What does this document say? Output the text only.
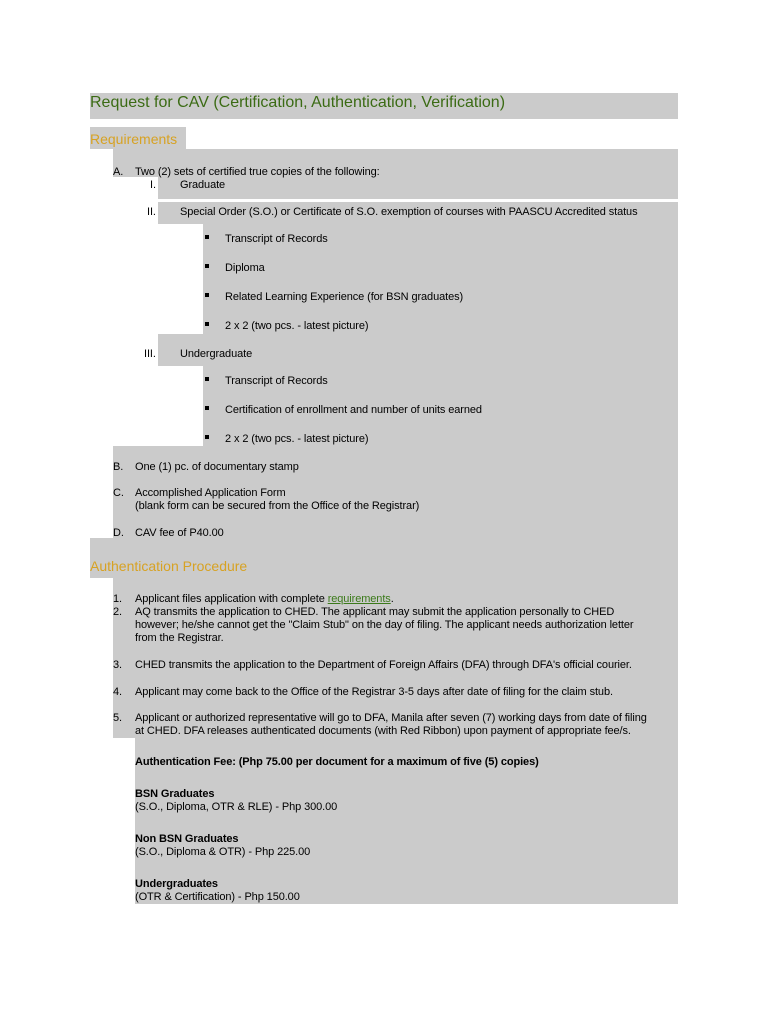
Request for CAV (Certification, Authentication, Verification)
Requirements
A. Two (2) sets of certified true copies of the following:
I. Graduate
II. Special Order (S.O.) or Certificate of S.O. exemption of courses with PAASCU Accredited status
Transcript of Records
Diploma
Related Learning Experience (for BSN graduates)
2 x 2 (two pcs. - latest picture)
III. Undergraduate
Transcript of Records
Certification of enrollment and number of units earned
2 x 2 (two pcs. - latest picture)
B. One (1) pc. of documentary stamp
C. Accomplished Application Form
(blank form can be secured from the Office of the Registrar)
D. CAV fee of P40.00
Authentication Procedure
1. Applicant files application with complete requirements.
2. AQ transmits the application to CHED. The applicant may submit the application personally to CHED
however; he/she cannot get the "Claim Stub" on the day of filing. The applicant needs authorization letter
from the Registrar.
3. CHED transmits the application to the Department of Foreign Affairs (DFA) through DFA's official courier.
4. Applicant may come back to the Office of the Registrar 3-5 days after date of filing for the claim stub.
5. Applicant or authorized representative will go to DFA, Manila after seven (7) working days from date of filing
at CHED. DFA releases authenticated documents (with Red Ribbon) upon payment of appropriate fee/s.
Authentication Fee: (Php 75.00 per document for a maximum of five (5) copies)
BSN Graduates
(S.O., Diploma, OTR & RLE) - Php 300.00
Non BSN Graduates
(S.O., Diploma & OTR) - Php 225.00
Undergraduates
(OTR & Certification) - Php 150.00
